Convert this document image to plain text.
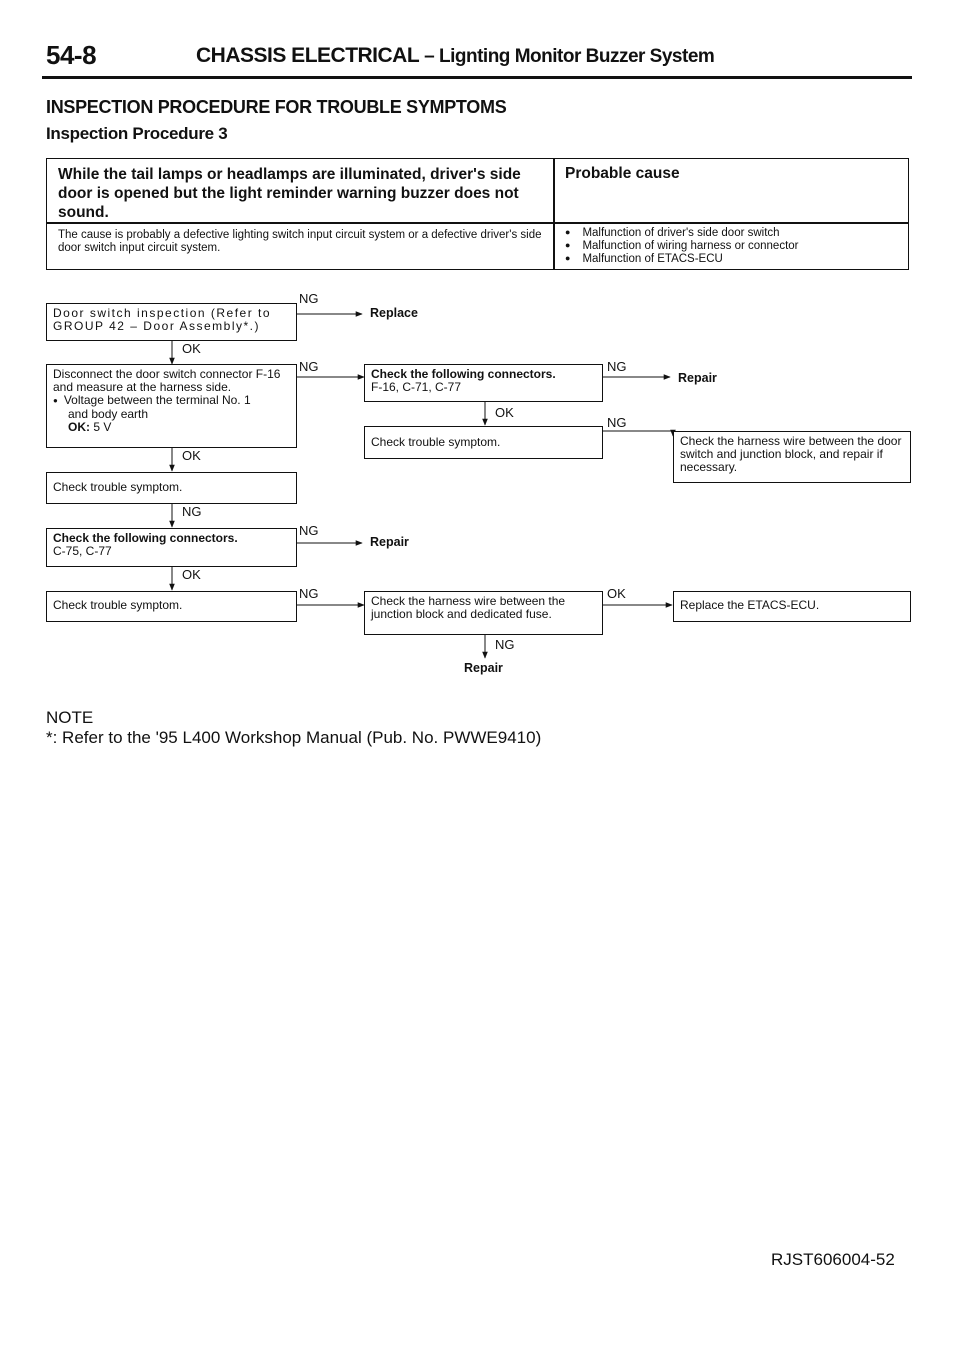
54-8	CHASSIS ELECTRICAL – Lignting Monitor Buzzer System
INSPECTION PROCEDURE FOR TROUBLE SYMPTOMS
Inspection Procedure 3
While the tail lamps or headlamps are illuminated, driver's side door is opened but the light reminder warning buzzer does not sound.
Probable cause
The cause is probably a defective lighting switch input circuit system or a defective driver's side door switch input circuit system.
● Malfunction of driver's side door switch
● Malfunction of wiring harness or connector
● Malfunction of ETACS-ECU
Door switch inspection (Refer to GROUP 42 – Door Assembly*.)
Disconnect the door switch connector F-16 and measure at the harness side.
● Voltage between the terminal No. 1
and body earth
OK: 5 V
Check trouble symptom.
Check the following connectors.
C-75, C-77
Check trouble symptom.
Check the following connectors.
F-16, C-71, C-77
Check trouble symptom.
Check the harness wire between the junction block and dedicated fuse.
Check the harness wire between the door switch and junction block, and repair if necessary.
Replace the ETACS-ECU.
Replace
Repair
Repair
Repair
NG
NG
NG
NG
OK
OK
NG
OK
NG
OK
NG
OK
NG
NOTE
*: Refer to the '95 L400 Workshop Manual (Pub. No. PWWE9410)
RJST606004-52
